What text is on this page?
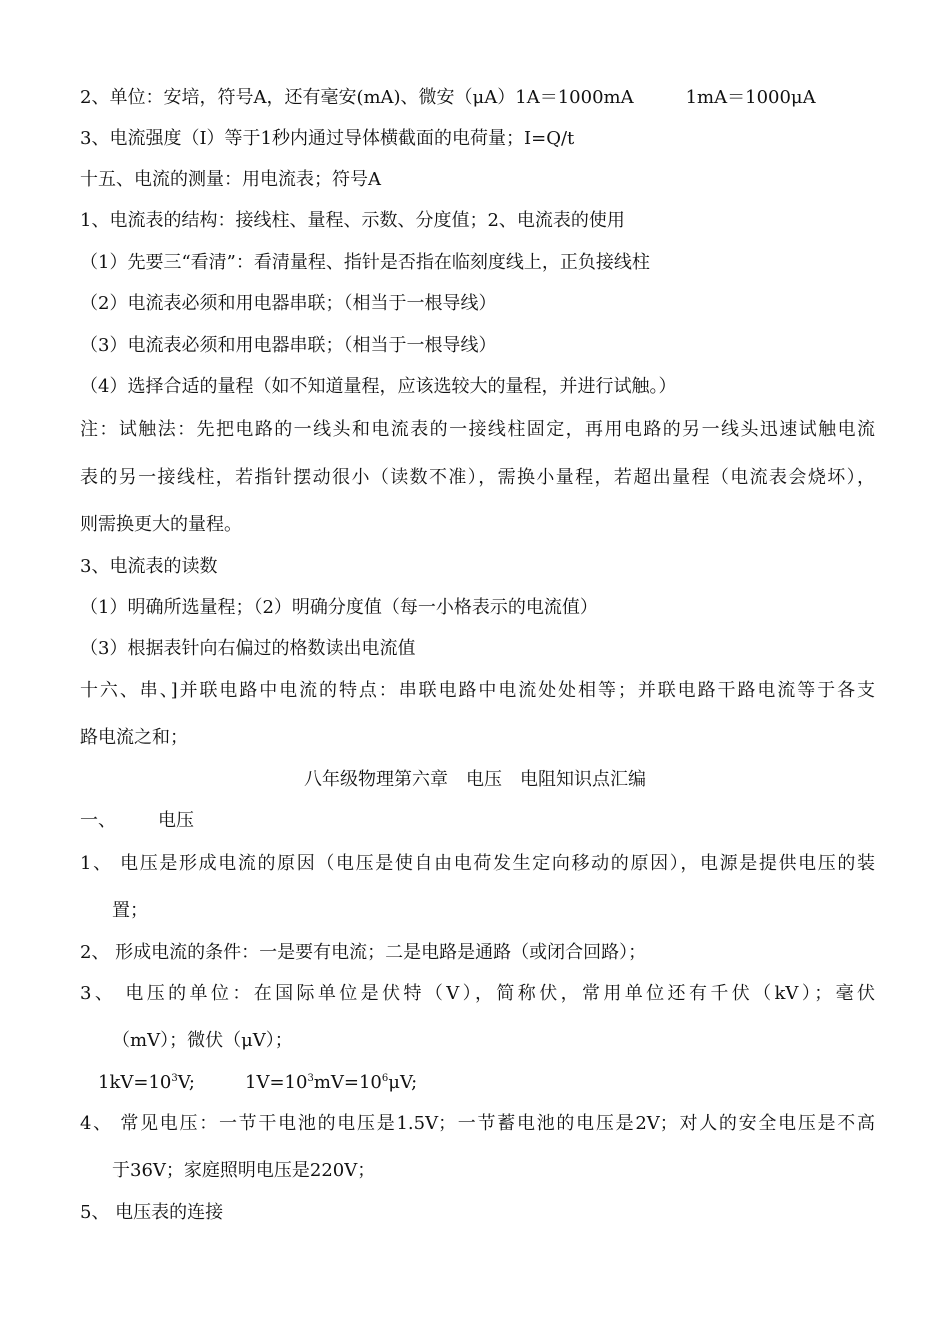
2、单位：安培，符号A，还有毫安(mA)、微安（μA）1A＝1000mA	1mA＝1000μA
3、电流强度（I）等于1秒内通过导体横截面的电荷量；I=Q/t
十五、电流的测量：用电流表；符号A
1、电流表的结构：接线柱、量程、示数、分度值；2、电流表的使用
（1）先要三“看清”：看清量程、指针是否指在临刻度线上，正负接线柱
（2）电流表必须和用电器串联；（相当于一根导线）
（3）电流表必须和用电器串联；（相当于一根导线）
（4）选择合适的量程（如不知道量程，应该选较大的量程，并进行试触。）
注：试触法：先把电路的一线头和电流表的一接线柱固定，再用电路的另一线头迅速试触电流
表的另一接线柱，若指针摆动很小（读数不准），需换小量程，若超出量程（电流表会烧坏），
则需换更大的量程。
3、电流表的读数
（1）明确所选量程；（2）明确分度值（每一小格表示的电流值）
（3）根据表针向右偏过的格数读出电流值
十六、串、]并联电路中电流的特点：串联电路中电流处处相等；并联电路干路电流等于各支
路电流之和；
八年级物理第六章　电压　电阻知识点汇编
一、 电压
1、 电压是形成电流的原因（电压是使自由电荷发生定向移动的原因），电源是提供电压的装
置；
2、 形成电流的条件：一是要有电流；二是电路是通路（或闭合回路）；
3、 电压的单位：在国际单位是伏特（V），简称伏，常用单位还有千伏（kV）；毫伏
（mV）；微伏（μV）；
$1kV=10^3V$;	$1V=10^3mV=10^6\mu V$;
4、 常见电压：一节干电池的电压是1.5V；一节蓄电池的电压是2V；对人的安全电压是不高
于36V；家庭照明电压是220V；
5、 电压表的连接
